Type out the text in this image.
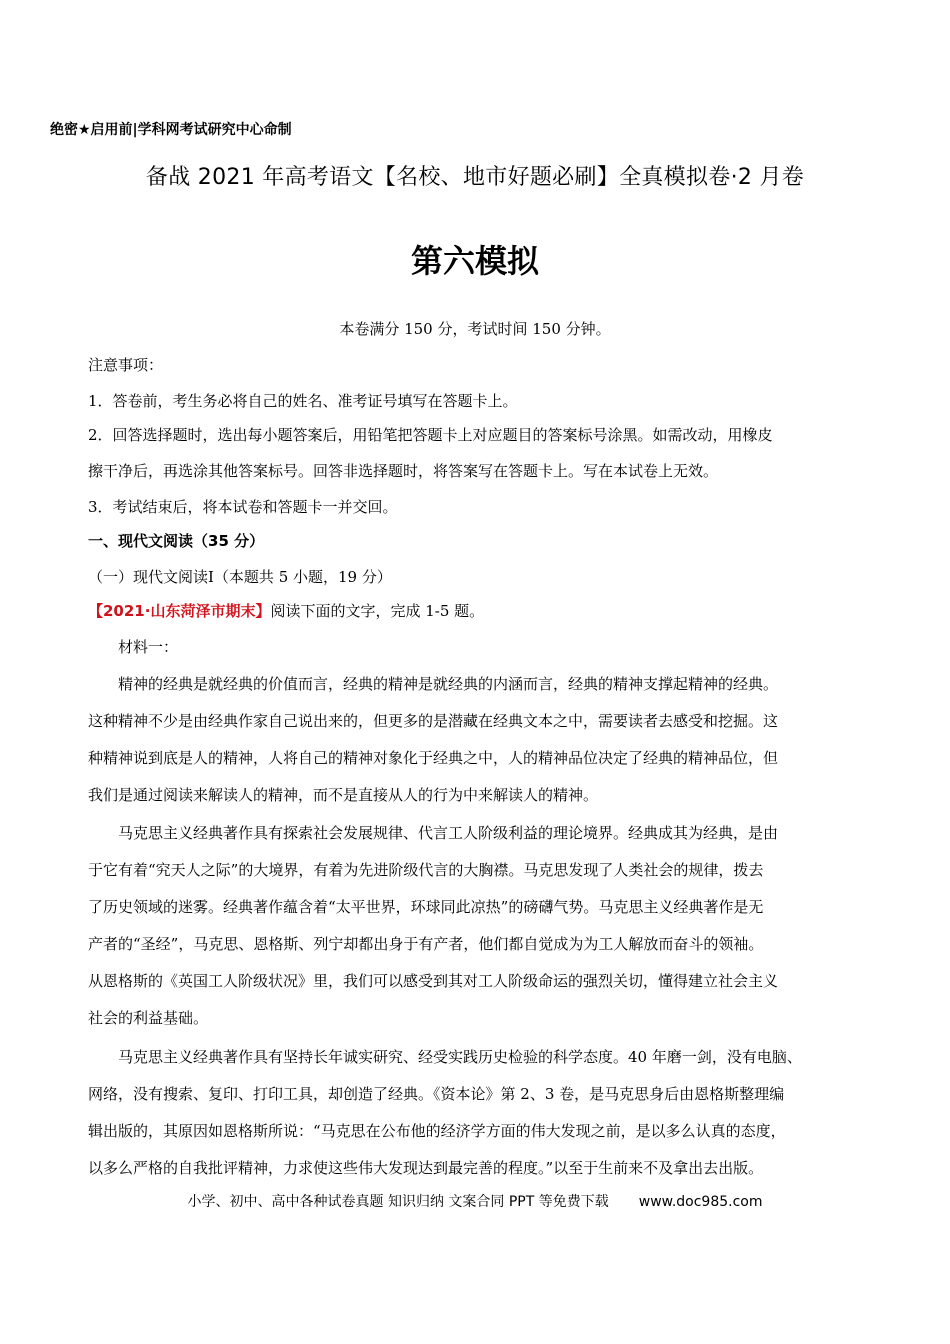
绝密★启用前|学科网考试研究中心命制
备战 2021 年高考语文【名校、地市好题必刷】全真模拟卷·2 月卷
第六模拟
本卷满分 150 分，考试时间 150 分钟。
注意事项：
1．答卷前，考生务必将自己的姓名、准考证号填写在答题卡上。
2．回答选择题时，选出每小题答案后，用铅笔把答题卡上对应题目的答案标号涂黑。如需改动，用橡皮
擦干净后，再选涂其他答案标号。回答非选择题时，将答案写在答题卡上。写在本试卷上无效。
3．考试结束后，将本试卷和答题卡一并交回。
一、现代文阅读（35 分）
（一）现代文阅读Ⅰ（本题共 5 小题，19 分）
【2021·山东菏泽市期末】阅读下面的文字，完成 1-5 题。
材料一：
精神的经典是就经典的价值而言，经典的精神是就经典的内涵而言，经典的精神支撑起精神的经典。
这种精神不少是由经典作家自己说出来的，但更多的是潜藏在经典文本之中，需要读者去感受和挖掘。这
种精神说到底是人的精神，人将自己的精神对象化于经典之中，人的精神品位决定了经典的精神品位，但
我们是通过阅读来解读人的精神，而不是直接从人的行为中来解读人的精神。
马克思主义经典著作具有探索社会发展规律、代言工人阶级利益的理论境界。经典成其为经典，是由
于它有着“究天人之际”的大境界，有着为先进阶级代言的大胸襟。马克思发现了人类社会的规律，拨去
了历史领域的迷雾。经典著作蕴含着“太平世界，环球同此凉热”的磅礴气势。马克思主义经典著作是无
产者的“圣经”，马克思、恩格斯、列宁却都出身于有产者，他们都自觉成为为工人解放而奋斗的领袖。
从恩格斯的《英国工人阶级状况》里，我们可以感受到其对工人阶级命运的强烈关切，懂得建立社会主义
社会的利益基础。
马克思主义经典著作具有坚持长年诚实研究、经受实践历史检验的科学态度。40 年磨一剑，没有电脑、
网络，没有搜索、复印、打印工具，却创造了经典。《资本论》第 2、3 卷，是马克思身后由恩格斯整理编
辑出版的，其原因如恩格斯所说：“马克思在公布他的经济学方面的伟大发现之前，是以多么认真的态度，
以多么严格的自我批评精神，力求使这些伟大发现达到最完善的程度。”以至于生前来不及拿出去出版。
小学、初中、高中各种试卷真题 知识归纳 文案合同 PPT 等免费下载 www.doc985.com
